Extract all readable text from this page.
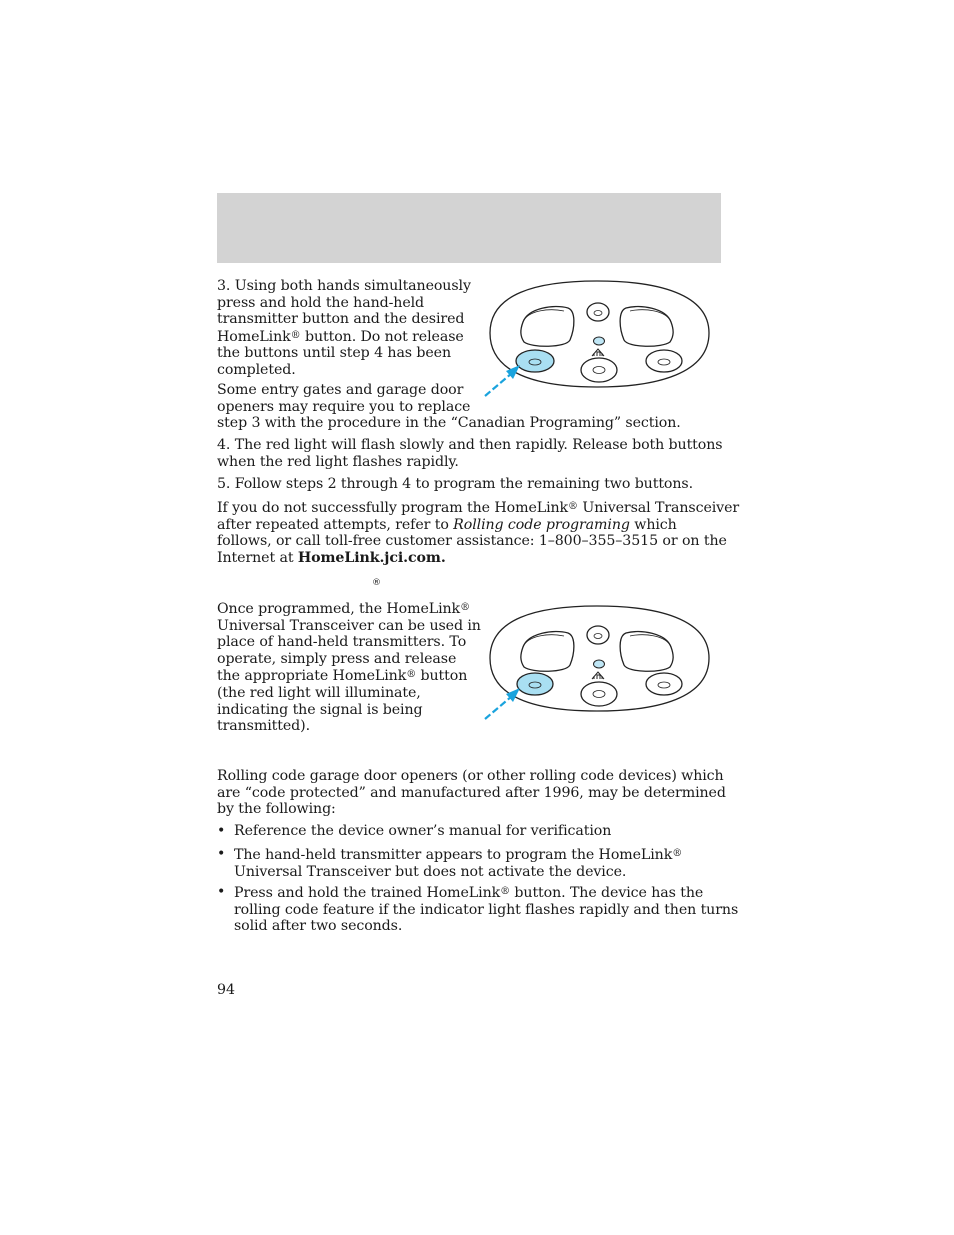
3. Using both hands simultaneously
press and hold the hand-held
transmitter button and the desired
HomeLink® button. Do not release
the buttons until step 4 has been
completed.

Some entry gates and garage door
openers may require you to replace
step 3 with the procedure in the “Canadian Programing” section.

4. The red light will flash slowly and then rapidly. Release both buttons
when the red light flashes rapidly.

5. Follow steps 2 through 4 to program the remaining two buttons.

If you do not successfully program the HomeLink® Universal Transceiver
after repeated attempts, refer to Rolling code programing which
follows, or call toll-free customer assistance: 1–800–355–3515 or on the
Internet at HomeLink.jci.com.

®

Once programmed, the HomeLink®
Universal Transceiver can be used in
place of hand-held transmitters. To
operate, simply press and release
the appropriate HomeLink® button
(the red light will illuminate,
indicating the signal is being
transmitted).

Rolling code garage door openers (or other rolling code devices) which
are “code protected” and manufactured after 1996, may be determined
by the following:

• Reference the device owner’s manual for verification

• The hand-held transmitter appears to program the HomeLink®
Universal Transceiver but does not activate the device.

• Press and hold the trained HomeLink® button. The device has the
rolling code feature if the indicator light flashes rapidly and then turns
solid after two seconds.

94
